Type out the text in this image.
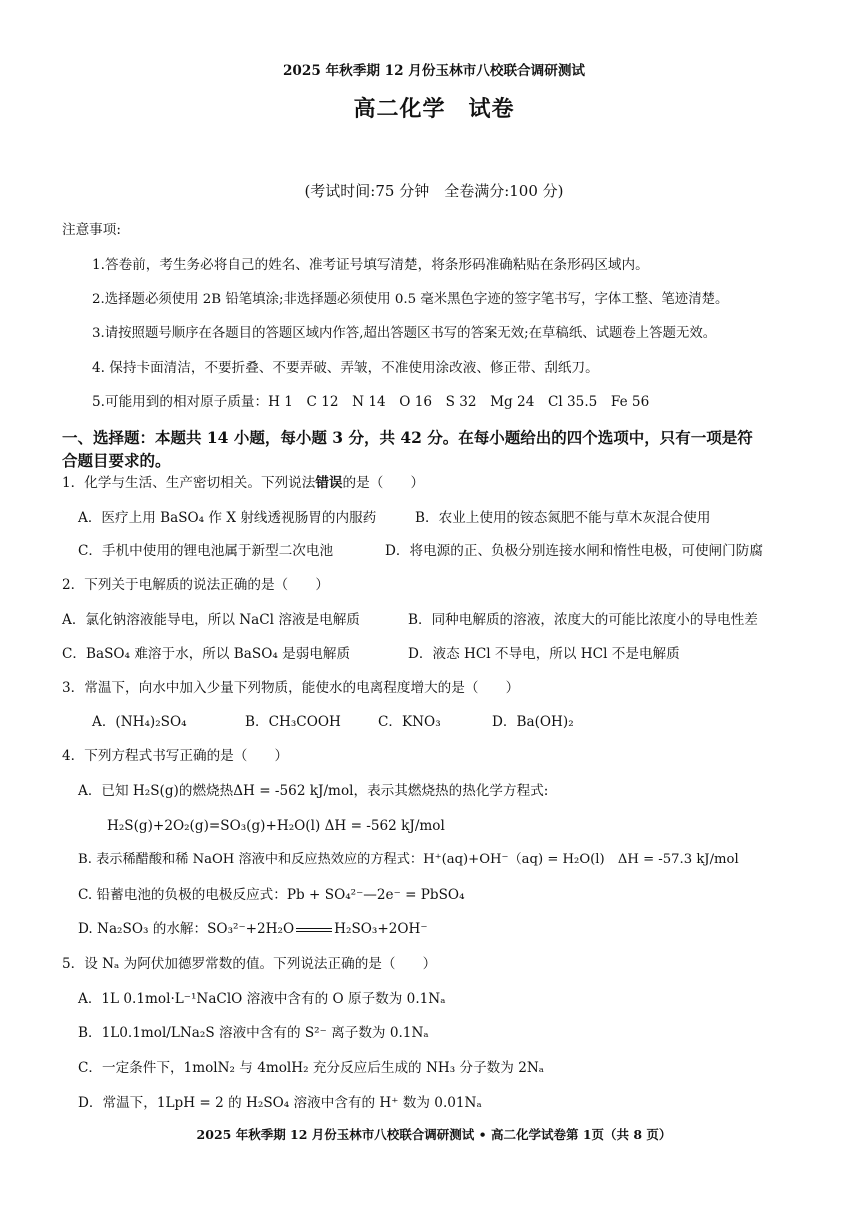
2025 年秋季期 12 月份玉林市八校联合调研测试
高二化学　试卷
(考试时间:75 分钟　全卷满分:100 分)
注意事项:
1.答卷前，考生务必将自己的姓名、准考证号填写清楚，将条形码准确粘贴在条形码区域内。
2.选择题必须使用 2B 铅笔填涂;非选择题必须使用 0.5 毫米黑色字迹的签字笔书写，字体工整、笔迹清楚。
3.请按照题号顺序在各题目的答题区域内作答,超出答题区书写的答案无效;在草稿纸、试题卷上答题无效。
4. 保持卡面清洁，不要折叠、不要弄破、弄皱，不准使用涂改液、修正带、刮纸刀。
5.可能用到的相对原子质量：H 1　C 12　N 14　O 16　S 32　Mg 24　Cl 35.5　Fe 56
一、选择题：本题共 14 小题，每小题 3 分，共 42 分。在每小题给出的四个选项中，只有一项是符
合题目要求的。
1．化学与生活、生产密切相关。下列说法错误的是（　　）
A．医疗上用 BaSO₄ 作 X 射线透视肠胃的内服药	B．农业上使用的铵态氮肥不能与草木灰混合使用
C．手机中使用的锂电池属于新型二次电池	D．将电源的正、负极分别连接水闸和惰性电极，可使闸门防腐
2．下列关于电解质的说法正确的是（　　）
A．氯化钠溶液能导电，所以 NaCl 溶液是电解质	B．同种电解质的溶液，浓度大的可能比浓度小的导电性差
C．BaSO₄ 难溶于水，所以 BaSO₄ 是弱电解质	D．液态 HCl 不导电，所以 HCl 不是电解质
3．常温下，向水中加入少量下列物质，能使水的电离程度增大的是（　　）
A．(NH₄)₂SO₄	B．CH₃COOH	C．KNO₃	D．Ba(OH)₂
4．下列方程式书写正确的是（　　）
A．已知 H₂S(g)的燃烧热ΔH = -562 kJ/mol，表示其燃烧热的热化学方程式:
H₂S(g)+2O₂(g)=SO₃(g)+H₂O(l) ΔH = -562 kJ/mol
B. 表示稀醋酸和稀 NaOH 溶液中和反应热效应的方程式：H⁺(aq)+OH⁻（aq) = H₂O(l)　ΔH = -57.3 kJ/mol
C. 铅蓄电池的负极的电极反应式：Pb + SO₄²⁻—2e⁻ = PbSO₄
D. Na₂SO₃ 的水解：SO₃²⁻+2H₂O	H₂SO₃+2OH⁻
5．设 Nₐ 为阿伏加德罗常数的值。下列说法正确的是（　　）
A．1L 0.1mol·L⁻¹NaClO 溶液中含有的 O 原子数为 0.1Nₐ
B．1L0.1mol/LNa₂S 溶液中含有的 S²⁻ 离子数为 0.1Nₐ
C．一定条件下，1molN₂ 与 4molH₂ 充分反应后生成的 NH₃ 分子数为 2Nₐ
D．常温下，1LpH = 2 的 H₂SO₄ 溶液中含有的 H⁺ 数为 0.01Nₐ
2025 年秋季期 12 月份玉林市八校联合调研测试 • 高二化学试卷第 1页（共 8 页）
